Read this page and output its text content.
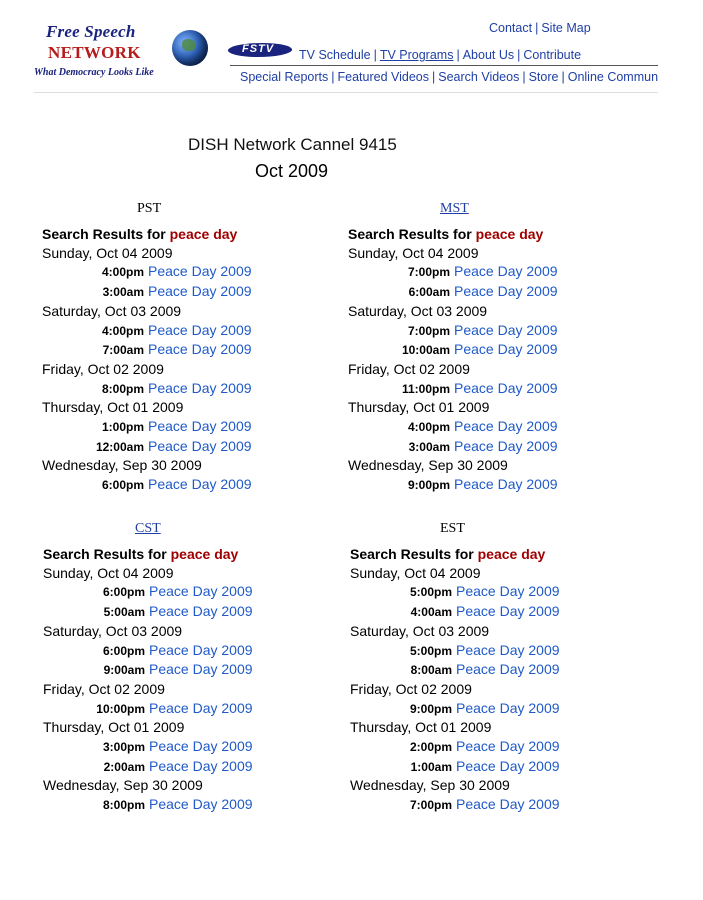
Free Speech
NETWORK
What Democracy Looks Like
FSTV
Contact | Site Map
TV Schedule | TV Programs | About Us | Contribute
Special Reports | Featured Videos | Search Videos | Store | Online Commun
DISH Network Cannel 9415
Oct 2009
PST
Search Results for peace day
Sunday, Oct 04 2009
4:00pm Peace Day 2009
3:00am Peace Day 2009
Saturday, Oct 03 2009
4:00pm Peace Day 2009
7:00am Peace Day 2009
Friday, Oct 02 2009
8:00pm Peace Day 2009
Thursday, Oct 01 2009
1:00pm Peace Day 2009
12:00am Peace Day 2009
Wednesday, Sep 30 2009
6:00pm Peace Day 2009
MST
Search Results for peace day
Sunday, Oct 04 2009
7:00pm Peace Day 2009
6:00am Peace Day 2009
Saturday, Oct 03 2009
7:00pm Peace Day 2009
10:00am Peace Day 2009
Friday, Oct 02 2009
11:00pm Peace Day 2009
Thursday, Oct 01 2009
4:00pm Peace Day 2009
3:00am Peace Day 2009
Wednesday, Sep 30 2009
9:00pm Peace Day 2009
CST
Search Results for peace day
Sunday, Oct 04 2009
6:00pm Peace Day 2009
5:00am Peace Day 2009
Saturday, Oct 03 2009
6:00pm Peace Day 2009
9:00am Peace Day 2009
Friday, Oct 02 2009
10:00pm Peace Day 2009
Thursday, Oct 01 2009
3:00pm Peace Day 2009
2:00am Peace Day 2009
Wednesday, Sep 30 2009
8:00pm Peace Day 2009
EST
Search Results for peace day
Sunday, Oct 04 2009
5:00pm Peace Day 2009
4:00am Peace Day 2009
Saturday, Oct 03 2009
5:00pm Peace Day 2009
8:00am Peace Day 2009
Friday, Oct 02 2009
9:00pm Peace Day 2009
Thursday, Oct 01 2009
2:00pm Peace Day 2009
1:00am Peace Day 2009
Wednesday, Sep 30 2009
7:00pm Peace Day 2009
